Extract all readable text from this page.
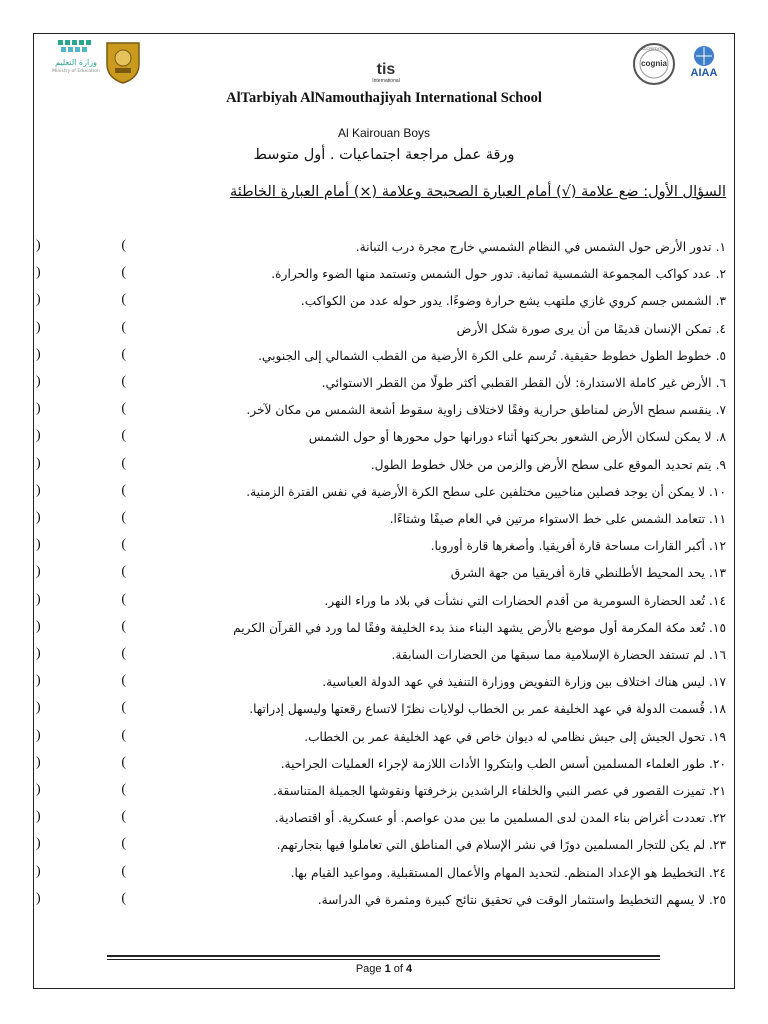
وزارة التعليم
Ministry of Education	tis
International
ACCREDITED
cognia
AIAA
AlTarbiyah AlNamouthajiyah International School
Al Kairouan Boys
ورقة عمل مراجعة اجتماعيات . أول متوسط
السؤال الأول: ضع علامة (√) أمام العبارة الصحيحة وعلامة (×) أمام العبارة الخاطئة
)	(	١.تدور الأرض حول الشمس في النظام الشمسي خارج مجرة درب التبانة.
)	(	٢.عدد كواكب المجموعة الشمسية ثمانية. تدور حول الشمس وتستمد منها الضوء والحرارة.
)	(	٣.الشمس جسم كروي غازي ملتهب يشع حرارة وضوءًا. يدور حوله عدد من الكواكب.
)	(	٤.تمكن الإنسان قديمًا من أن يرى صورة شكل الأرض
)	(	٥.خطوط الطول خطوط حقيقية. تُرسم على الكرة الأرضية من القطب الشمالي إلى الجنوبي.
)	(	٦.الأرض غير كاملة الاستدارة: لأن القطر القطبي أكثر طولًا من القطر الاستوائي.
)	(	٧.ينقسم سطح الأرض لمناطق حرارية وفقًا لاختلاف زاوية سقوط أشعة الشمس من مكان لآخر.
)	(	٨.لا يمكن لسكان الأرض الشعور بحركتها أثناء دورانها حول محورها أو حول الشمس
)	(	٩.يتم تحديد الموقع على سطح الأرض والزمن من خلال خطوط الطول.
)	(	١٠.لا يمكن أن يوجد فصلين مناخيين مختلفين على سطح الكرة الأرضية في نفس الفترة الزمنية.
)	(	١١.تتعامد الشمس على خط الاستواء مرتين في العام صيفًا وشتاءًا.
)	(	١٢.أكبر القارات مساحة قارة أفريقيا. وأصغرها قارة أوروبا.
)	(	١٣.يحد المحيط الأطلنطي قارة أفريقيا من جهة الشرق
)	(	١٤.تُعد الحضارة السومرية من أقدم الحضارات التي نشأت في بلاد ما وراء النهر.
)	(	١٥.تُعد مكة المكرمة أول موضع بالأرض يشهد البناء منذ بدء الخليفة وفقًا لما ورد في القرآن الكريم
)	(	١٦.لم تستفد الحضارة الإسلامية مما سبقها من الحضارات السابقة.
)	(	١٧.ليس هناك اختلاف بين وزارة التفويض ووزارة التنفيذ في عهد الدولة العباسية.
)	(	١٨.قُسمت الدولة في عهد الخليفة عمر بن الخطاب لولايات نظرًا لاتساع رقعتها وليسهل إدراتها.
)	(	١٩.تحول الجيش إلى جيش نظامي له ديوان خاص في عهد الخليفة عمر بن الخطاب.
)	(	٢٠.طور العلماء المسلمين أسس الطب وابتكروا الأدات اللازمة لإجراء العمليات الجراحية.
)	(	٢١.تميزت القصور في عصر النبي والخلفاء الراشدين بزخرفتها ونقوشها الجميلة المتناسقة.
)	(	٢٢.تعددت أغراض بناء المدن لدى المسلمين ما بين مدن عواصم. أو عسكرية. أو اقتصادية.
)	(	٢٣.لم يكن للتجار المسلمين دورًا في نشر الإسلام في المناطق التي تعاملوا فيها بتجارتهم.
)	(	٢٤.التخطيط هو الإعداد المنظم. لتحديد المهام والأعمال المستقبلية. ومواعيد القيام بها.
)	(	٢٥.لا يسهم التخطيط واستثمار الوقت في تحقيق نتائج كبيرة ومثمرة في الدراسة.
Page 1 of 4
